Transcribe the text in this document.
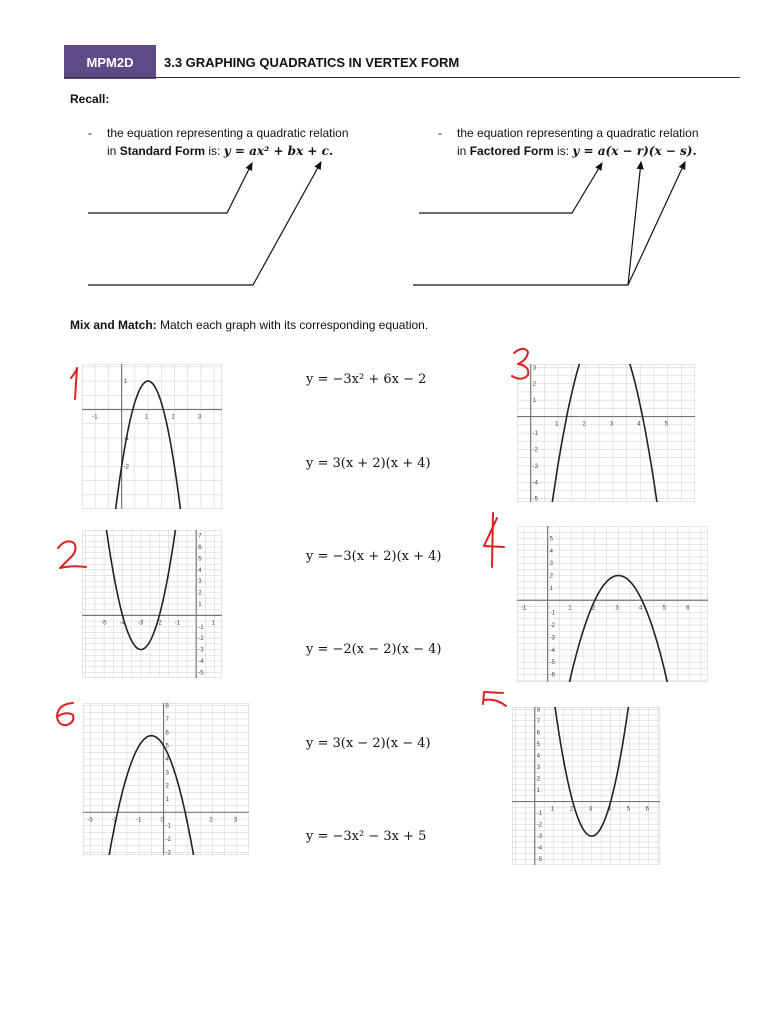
MPM2D 3.3 GRAPHING QUADRATICS IN VERTEX FORM
Recall:
- the equation representing a quadratic relation
in Standard Form is: y = ax² + bx + c.
- the equation representing a quadratic relation
in Factored Form is: y = a(x − r)(x − s).
Mix and Match: Match each graph with its corresponding equation.
y = −3x² + 6x − 2
y = 3(x + 2)(x + 4)
y = −3(x + 2)(x + 4)
y = −2(x − 2)(x − 4)
y = 3(x − 2)(x − 4)
y = −3x² − 3x + 5
-1	1	2	3
1
-1
-2
-5 -4 -3 -2 -1	1
7
6
5
4
3
2
1
-1
-2
-3
-4
-5
1	2	3	4	5
3
2
1
-1
-2
-3
-4
-5
-1	1	2	3	4	5	6
5
4
3
2
1
-1
-2
-3
-4
-5
-6
1	2	3	4	5	6
8
7
6
5
4
3
2
1
-1
-2
-3
-4
-5
-3	-2	-1	0	1	2	3
8
7
6
5
4
3
2
1
-1
-2
-3
